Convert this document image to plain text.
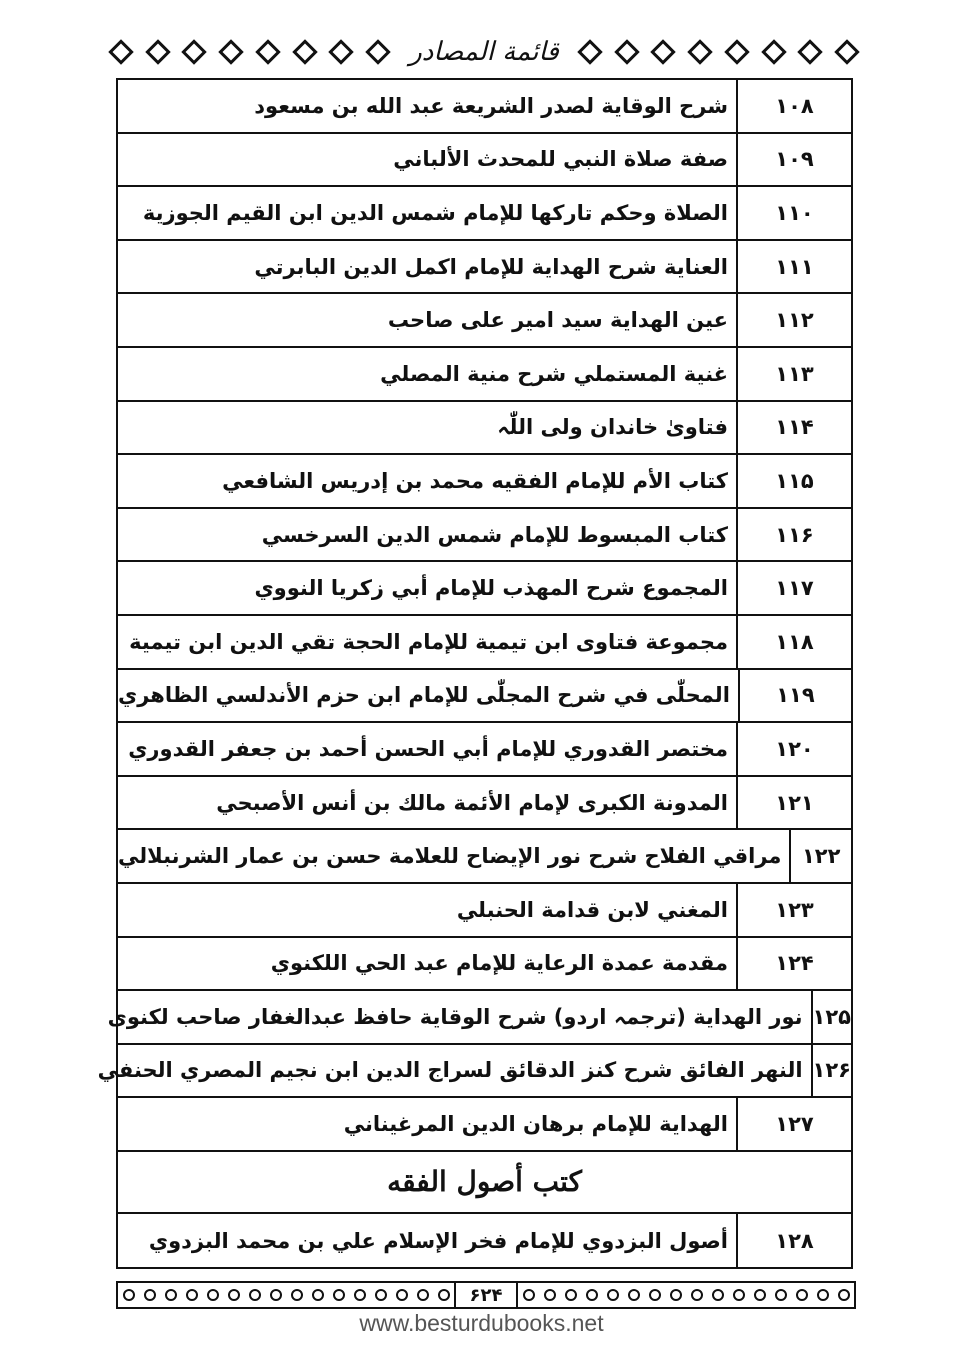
قائمة المصادر
۱۰۸
شرح الوقاية لصدر الشريعة عبد الله بن مسعود
۱۰۹
صفة صلاة النبي للمحدث الألباني
۱۱۰
الصلاة وحكم تاركها للإمام شمس الدين ابن القيم الجوزية
۱۱۱
العناية شرح الهداية للإمام اكمل الدين البابرتي
۱۱۲
عين الهداية سيد امير على صاحب
۱۱۳
غنية المستملي شرح منية المصلي
۱۱۴
فتاویٰ خاندان ولی اللّٰہ
۱۱۵
كتاب الأم للإمام الفقيه محمد بن إدريس الشافعي
۱۱۶
كتاب المبسوط للإمام شمس الدين السرخسي
۱۱۷
المجموع شرح المهذب للإمام أبي زكريا النووي
۱۱۸
مجموعة فتاوى ابن تيمية للإمام الحجة تقي الدين ابن تيمية
۱۱۹
المحلّٰی في شرح المجلّٰی للإمام ابن حزم الأندلسي الظاهري
۱۲۰
مختصر القدوري للإمام أبي الحسن أحمد بن جعفر القدوري
۱۲۱
المدونة الكبرى لإمام الأئمة مالك بن أنس الأصبحي
۱۲۲
مراقي الفلاح شرح نور الإيضاح للعلامة حسن بن عمار الشرنبلالي
۱۲۳
المغني لابن قدامة الحنبلي
۱۲۴
مقدمة عمدة الرعاية للإمام عبد الحي اللكنوي
۱۲۵
نور الهداية (ترجمہ اردو) شرح الوقاية حافظ عبدالغفار صاحب لکنوی
۱۲۶
النهر الفائق شرح كنز الدقائق لسراج الدين ابن نجيم المصري الحنفي
۱۲۷
الهداية للإمام برهان الدين المرغيناني
كتب أصول الفقه
۱۲۸
أصول البزدوي للإمام فخر الإسلام علي بن محمد البزدوي
۶۲۴
www.besturdubooks.net
